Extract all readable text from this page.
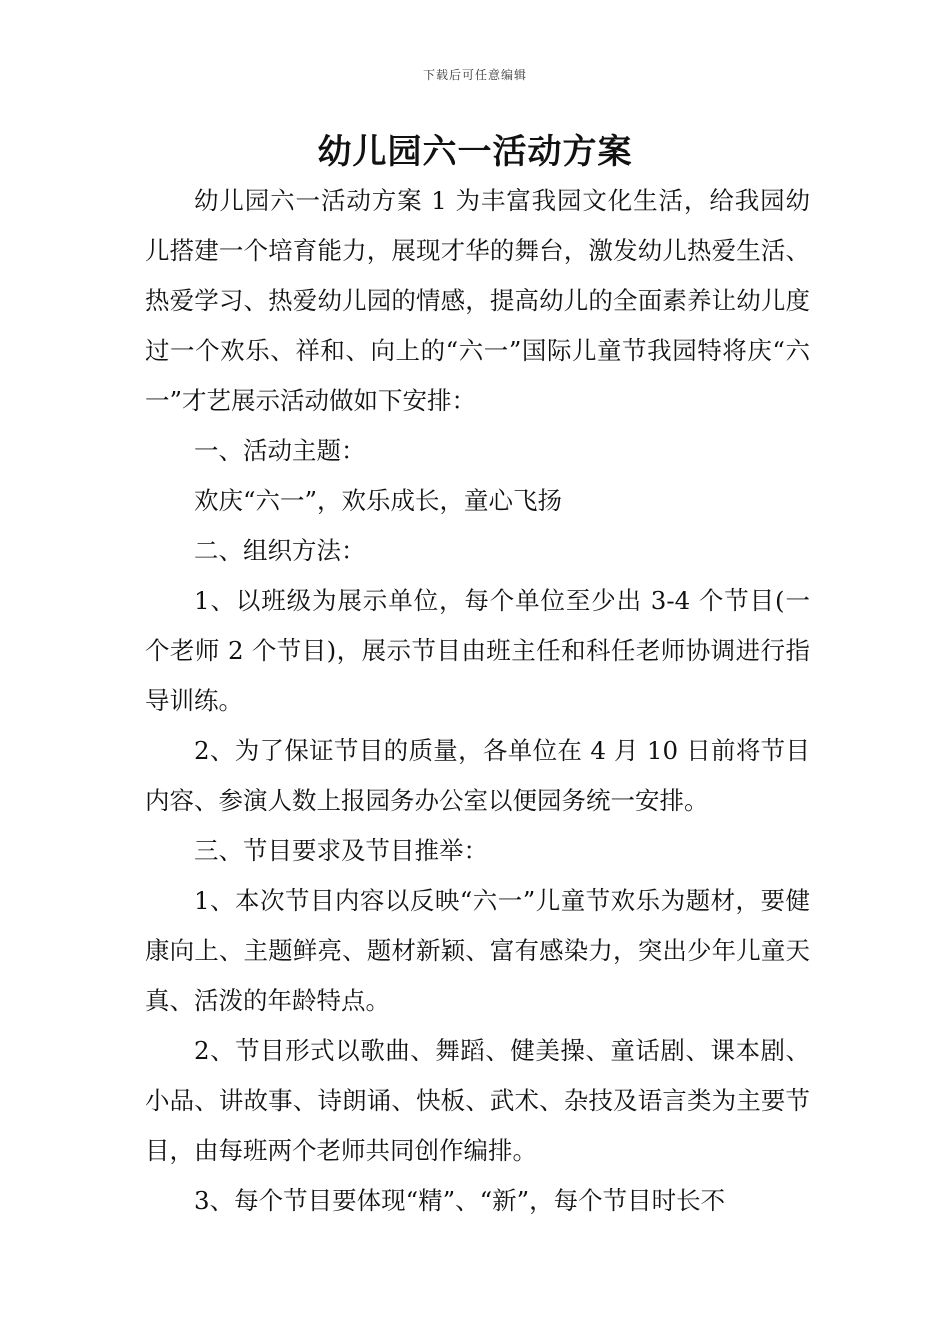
下载后可任意编辑
幼儿园六一活动方案

幼儿园六一活动方案 1 为丰富我园文化生活，给我园幼儿搭建一个培育能力，展现才华的舞台，激发幼儿热爱生活、热爱学习、热爱幼儿园的情感，提高幼儿的全面素养让幼儿度过一个欢乐、祥和、向上的“六一”国际儿童节我园特将庆“六一”才艺展示活动做如下安排：

一、活动主题：

欢庆“六一”，欢乐成长，童心飞扬

二、组织方法：

1、以班级为展示单位，每个单位至少出 3-4 个节目(一个老师 2 个节目)，展示节目由班主任和科任老师协调进行指导训练。

2、为了保证节目的质量，各单位在 4 月 10 日前将节目内容、参演人数上报园务办公室以便园务统一安排。

三、节目要求及节目推举：

1、本次节目内容以反映“六一”儿童节欢乐为题材，要健康向上、主题鲜亮、题材新颖、富有感染力，突出少年儿童天真、活泼的年龄特点。

2、节目形式以歌曲、舞蹈、健美操、童话剧、课本剧、小品、讲故事、诗朗诵、快板、武术、杂技及语言类为主要节目，由每班两个老师共同创作编排。

3、每个节目要体现“精”、“新”，每个节目时长不
